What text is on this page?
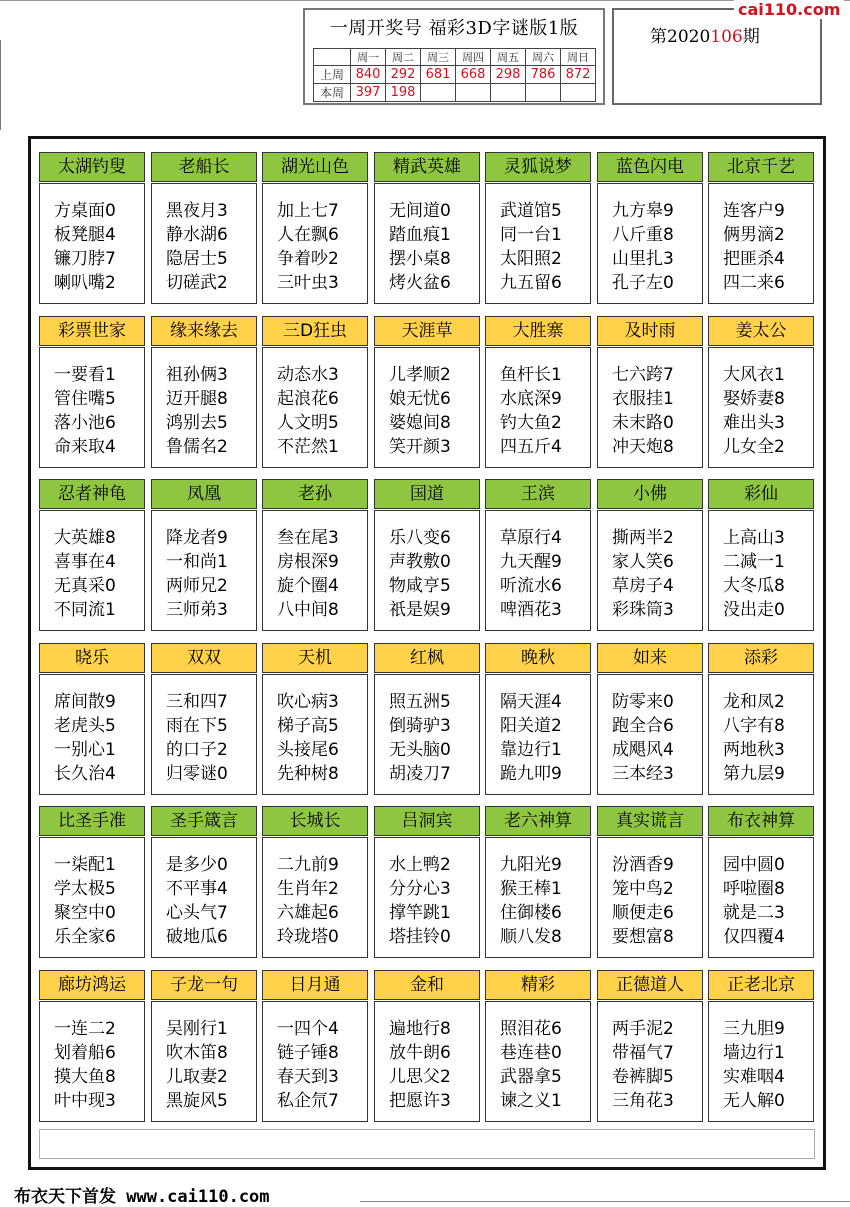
一周开奖号 福彩3D字谜版1版
	周一	周二	周三	周四	周五	周六	周日
上周	840	292	681	668	298	786	872
本周	397	198					
第2020106期
cai110.com
太湖钓叟
方桌面0
板凳腿4
镰刀脖7
喇叭嘴2
老船长
黑夜月3
静水湖6
隐居士5
切磋武2
湖光山色
加上七7
人在飘6
争着吵2
三叶虫3
精武英雄
无间道0
踏血痕1
摆小桌8
烤火盆6
灵狐说梦
武道馆5
同一台1
太阳照2
九五留6
蓝色闪电
九方皋9
八斤重8
山里扎3
孔子左0
北京千艺
连客户9
俩男滴2
把匪杀4
四二来6
彩票世家
一要看1
管住嘴5
落小池6
命来取4
缘来缘去
祖孙俩3
迈开腿8
鸿别去5
鲁儒名2
三D狂虫
动态水3
起浪花6
人文明5
不茫然1
天涯草
儿孝顺2
娘无忧6
婆媳间8
笑开颜3
大胜寨
鱼杆长1
水底深9
钓大鱼2
四五斤4
及时雨
七六跨7
衣服挂1
未末路0
冲天炮8
姜太公
大风衣1
娶娇妻8
难出头3
儿女全2
忍者神龟
大英雄8
喜事在4
无真采0
不同流1
凤凰
降龙者9
一和尚1
两师兄2
三师弟3
老孙
叁在尾3
房根深9
旋个圈4
八中间8
国道
乐八变6
声教敷0
物咸亨5
祇是娱9
王滨
草原行4
九天醒9
听流水6
啤酒花3
小佛
撕两半2
家人笑6
草房子4
彩珠筒3
彩仙
上高山3
二减一1
大冬瓜8
没出走0
晓乐
席间散9
老虎头5
一别心1
长久治4
双双
三和四7
雨在下5
的口子2
归零谜0
天机
吹心病3
梯子高5
头接尾6
先种树8
红枫
照五洲5
倒骑驴3
无头脑0
胡凌刀7
晚秋
隔天涯4
阳关道2
靠边行1
跪九叩9
如来
防零来0
跑全合6
成飓风4
三本经3
添彩
龙和凤2
八字有8
两地秋3
第九层9
比圣手准
一柒配1
学太极5
聚空中0
乐全家6
圣手箴言
是多少0
不平事4
心头气7
破地瓜6
长城长
二九前9
生肖年2
六雄起6
玲珑塔0
吕洞宾
水上鸭2
分分心3
撑竿跳1
塔挂铃0
老六神算
九阳光9
猴王棒1
住御楼6
顺八发8
真实谎言
汾酒香9
笼中鸟2
顺便走6
要想富8
布衣神算
园中圆0
呼啦圈8
就是二3
仅四覆4
廊坊鸿运
一连二2
划着船6
摸大鱼8
叶中现3
子龙一句
吴刚行1
吹木笛8
儿取妻2
黑旋风5
日月通
一四个4
链子锤8
春天到3
私企氘7
金和
遍地行8
放牛朗6
儿思父2
把愿许3
精彩
照泪花6
巷连巷0
武器拿5
谏之义1
正德道人
两手泥2
带福气7
卷裤脚5
三角花3
正老北京
三九胆9
墙边行1
实难咽4
无人解0
布衣天下首发 www.cai110.com
